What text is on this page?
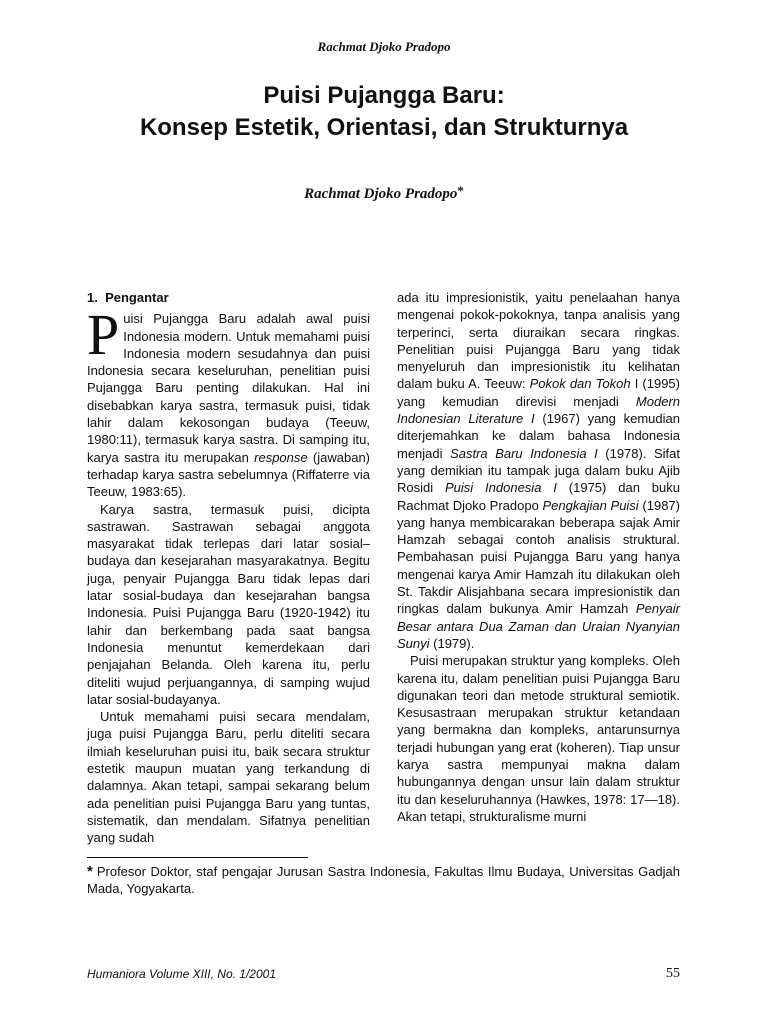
Rachmat Djoko Pradopo
Puisi Pujangga Baru:
Konsep Estetik, Orientasi, dan Strukturnya
Rachmat Djoko Pradopo*

1.  Pengantar

Puisi Pujangga Baru adalah awal puisi Indonesia modern. Untuk memahami puisi Indonesia modern sesudahnya dan puisi Indonesia secara keseluruhan, penelitian puisi Pujangga Baru penting dilakukan. Hal ini disebabkan karya sastra, termasuk puisi, tidak lahir dalam kekosongan budaya (Teeuw, 1980:11), termasuk karya sastra. Di samping itu, karya sastra itu merupakan response (jawaban) terhadap karya sastra sebelumnya (Riffaterre via Teeuw, 1983:65).

Karya sastra, termasuk puisi, dicipta sastrawan. Sastrawan sebagai anggota masyarakat tidak terlepas dari latar sosial–budaya dan kesejarahan masyarakatnya. Begitu juga, penyair Pujangga Baru tidak lepas dari latar sosial-budaya dan kesejarahan bangsa Indonesia. Puisi Pujangga Baru (1920-1942) itu lahir dan berkembang pada saat bangsa Indonesia menuntut kemerdekaan dari penjajahan Belanda. Oleh karena itu, perlu diteliti wujud perjuangannya, di samping wujud latar sosial-budayanya.

Untuk memahami puisi secara mendalam, juga puisi Pujangga Baru, perlu diteliti secara ilmiah keseluruhan puisi itu, baik secara struktur estetik maupun muatan yang terkandung di dalamnya. Akan tetapi, sampai sekarang belum ada penelitian puisi Pujangga Baru yang tuntas, sistematik, dan mendalam. Sifatnya penelitian yang sudah

ada itu impresionistik, yaitu penelaahan hanya mengenai pokok-pokoknya, tanpa analisis yang terperinci, serta diuraikan secara ringkas. Penelitian puisi Pujangga Baru yang tidak menyeluruh dan impresionistik itu kelihatan dalam buku A. Teeuw: Pokok dan Tokoh I (1995) yang kemudian direvisi menjadi Modern Indonesian Literature I (1967) yang kemudian diterjemahkan ke dalam bahasa Indonesia menjadi Sastra Baru Indonesia I (1978). Sifat yang demikian itu tampak juga dalam buku Ajib Rosidi Puisi Indonesia I (1975) dan buku Rachmat Djoko Pradopo Pengkajian Puisi (1987) yang hanya membicarakan beberapa sajak Amir Hamzah sebagai contoh analisis struktural. Pembahasan puisi Pujangga Baru yang hanya mengenai karya Amir Hamzah itu dilakukan oleh St. Takdir Alisjahbana secara impresionistik dan ringkas dalam bukunya Amir Hamzah Penyair Besar antara Dua Zaman dan Uraian Nyanyian Sunyi (1979).

Puisi merupakan struktur yang kompleks. Oleh karena itu, dalam penelitian puisi Pujangga Baru digunakan teori dan metode struktural semiotik. Kesusastraan merupakan struktur ketandaan yang bermakna dan kompleks, antarunsurnya terjadi hubungan yang erat (koheren). Tiap unsur karya sastra mempunyai makna dalam hubungannya dengan unsur lain dalam struktur itu dan keseluruhannya (Hawkes, 1978: 17—18). Akan tetapi, strukturalisme murni

* Profesor Doktor, staf pengajar Jurusan Sastra Indonesia, Fakultas Ilmu Budaya, Universitas Gadjah Mada, Yogyakarta.
Humaniora Volume XIII, No. 1/2001	55
